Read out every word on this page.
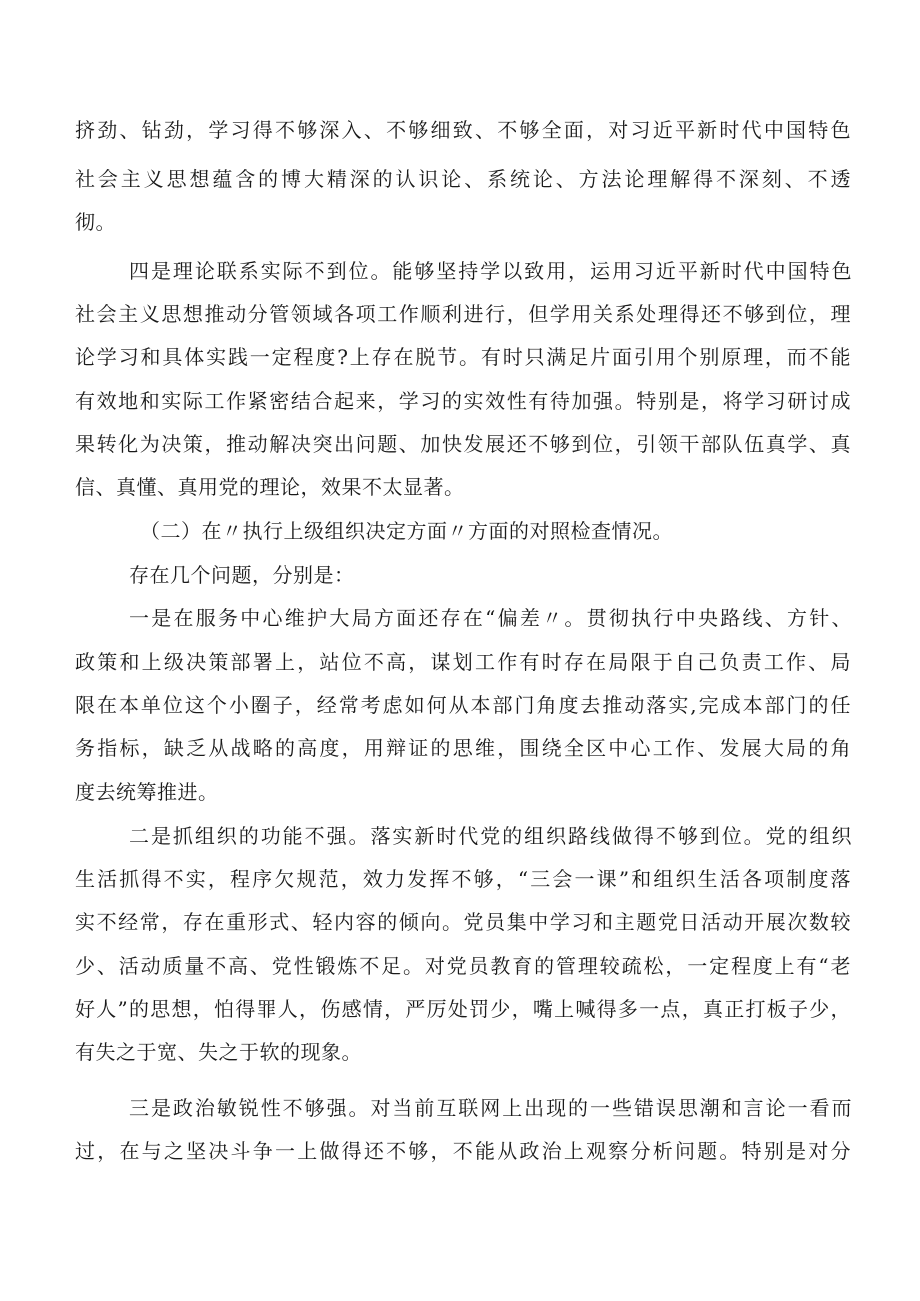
挤劲、钻劲，学习得不够深入、不够细致、不够全面，对习近平新时代中国特色
社会主义思想蕴含的博大精深的认识论、系统论、方法论理解得不深刻、不透
彻。
四是理论联系实际不到位。能够坚持学以致用，运用习近平新时代中国特色
社会主义思想推动分管领域各项工作顺利进行，但学用关系处理得还不够到位，理
论学习和具体实践一定程度?上存在脱节。有时只满足片面引用个别原理，而不能
有效地和实际工作紧密结合起来，学习的实效性有待加强。特别是，将学习研讨成
果转化为决策，推动解决突出问题、加快发展还不够到位，引领干部队伍真学、真
信、真懂、真用党的理论，效果不太显著。
（二）在〃执行上级组织决定方面〃方面的对照检查情况。
存在几个问题，分别是：
一是在服务中心维护大局方面还存在“偏差〃。贯彻执行中央路线、方针、
政策和上级决策部署上，站位不高，谋划工作有时存在局限于自己负责工作、局
限在本单位这个小圈子，经常考虑如何从本部门角度去推动落实,完成本部门的任
务指标，缺乏从战略的高度，用辩证的思维，围绕全区中心工作、发展大局的角
度去统筹推进。
二是抓组织的功能不强。落实新时代党的组织路线做得不够到位。党的组织
生活抓得不实，程序欠规范，效力发挥不够，“三会一课”和组织生活各项制度落
实不经常，存在重形式、轻内容的倾向。党员集中学习和主题党日活动开展次数较
少、活动质量不高、党性锻炼不足。对党员教育的管理较疏松，一定程度上有“老
好人”的思想，怕得罪人，伤感情，严厉处罚少，嘴上喊得多一点，真正打板子少，
有失之于宽、失之于软的现象。
三是政治敏锐性不够强。对当前互联网上出现的一些错误思潮和言论一看而
过，在与之坚决斗争一上做得还不够，不能从政治上观察分析问题。特别是对分
